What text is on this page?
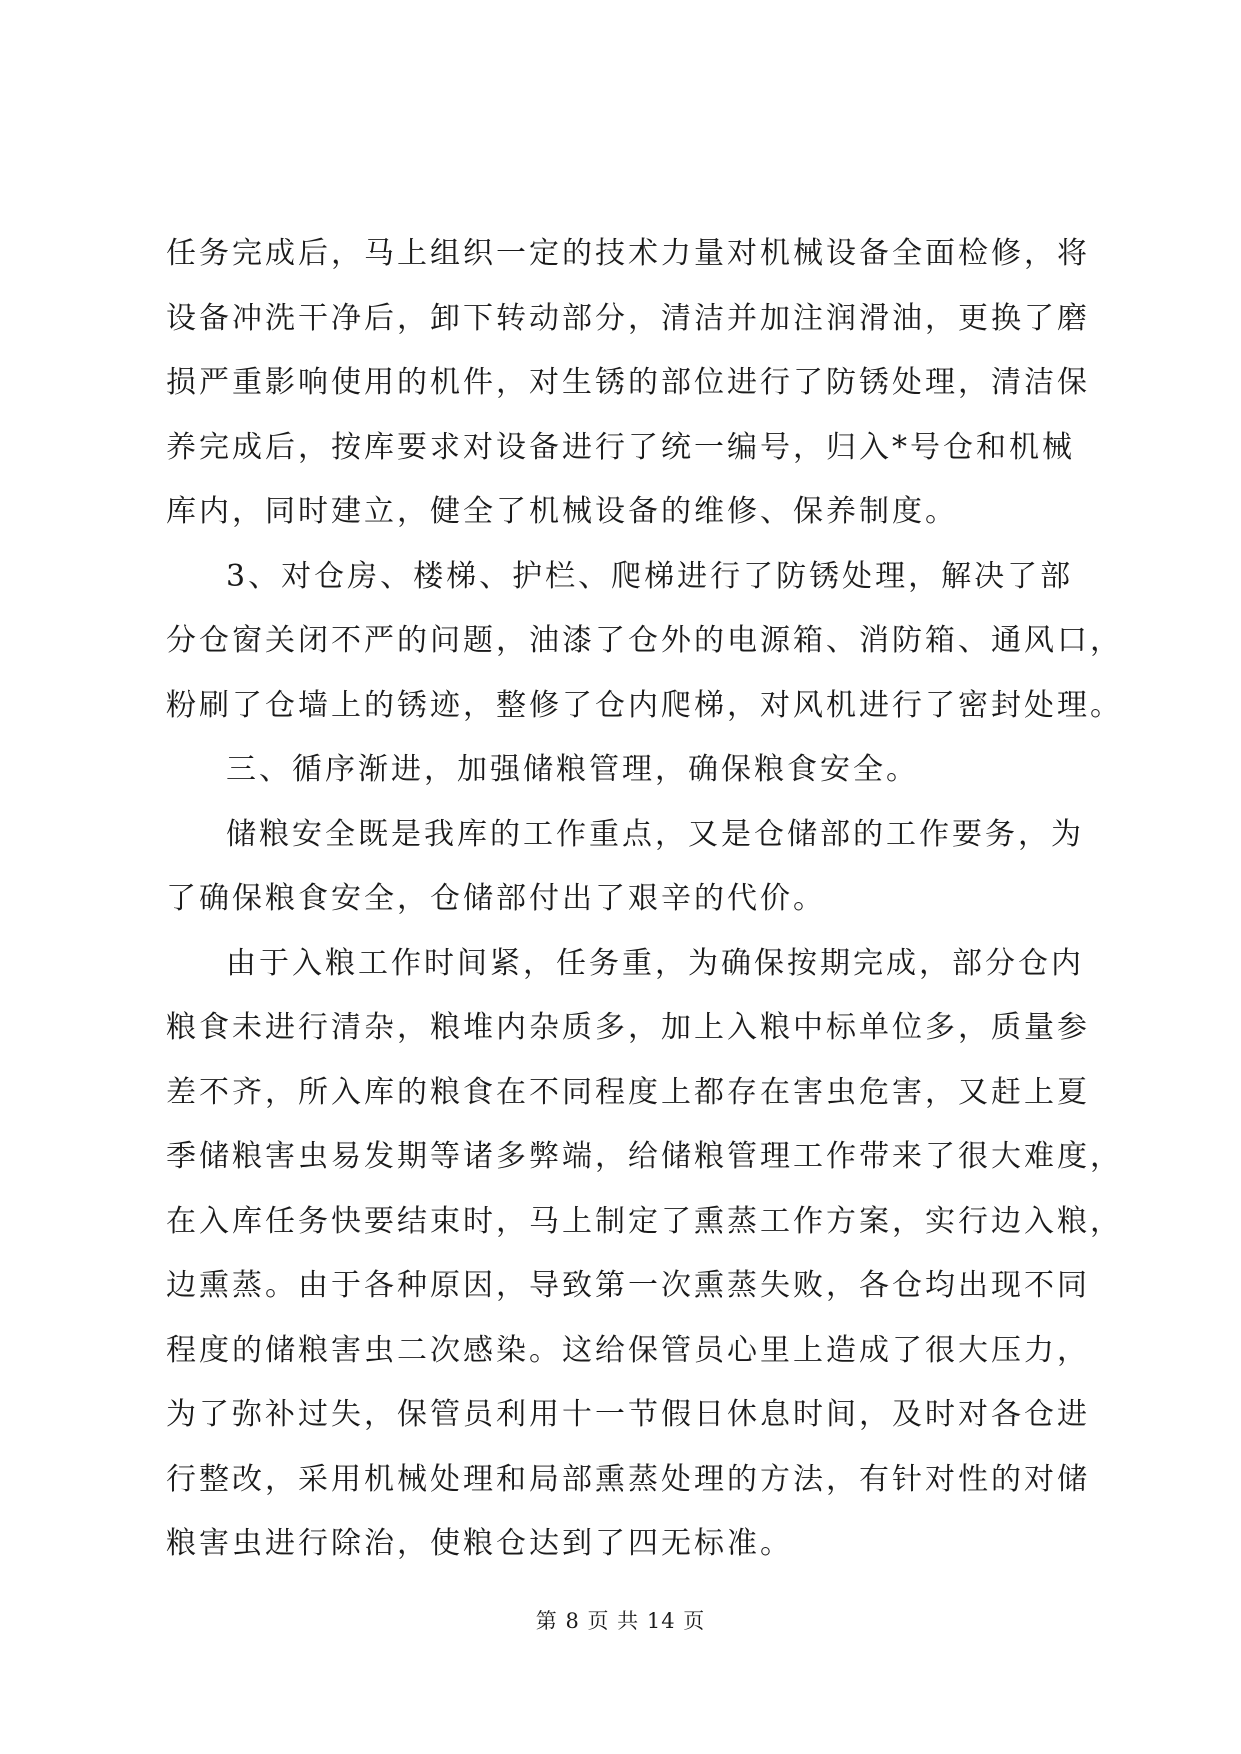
任务完成后，马上组织一定的技术力量对机械设备全面检修，将
设备冲洗干净后，卸下转动部分，清洁并加注润滑油，更换了磨
损严重影响使用的机件，对生锈的部位进行了防锈处理，清洁保
养完成后，按库要求对设备进行了统一编号，归入*号仓和机械
库内，同时建立，健全了机械设备的维修、保养制度。
3、对仓房、楼梯、护栏、爬梯进行了防锈处理，解决了部
分仓窗关闭不严的问题，油漆了仓外的电源箱、消防箱、通风口，
粉刷了仓墙上的锈迹，整修了仓内爬梯，对风机进行了密封处理。
三、循序渐进，加强储粮管理，确保粮食安全。
储粮安全既是我库的工作重点，又是仓储部的工作要务，为
了确保粮食安全，仓储部付出了艰辛的代价。
由于入粮工作时间紧，任务重，为确保按期完成，部分仓内
粮食未进行清杂，粮堆内杂质多，加上入粮中标单位多，质量参
差不齐，所入库的粮食在不同程度上都存在害虫危害，又赶上夏
季储粮害虫易发期等诸多弊端，给储粮管理工作带来了很大难度，
在入库任务快要结束时，马上制定了熏蒸工作方案，实行边入粮，
边熏蒸。由于各种原因，导致第一次熏蒸失败，各仓均出现不同
程度的储粮害虫二次感染。这给保管员心里上造成了很大压力，
为了弥补过失，保管员利用十一节假日休息时间，及时对各仓进
行整改，采用机械处理和局部熏蒸处理的方法，有针对性的对储
粮害虫进行除治，使粮仓达到了四无标准。
第 8 页 共 14 页
